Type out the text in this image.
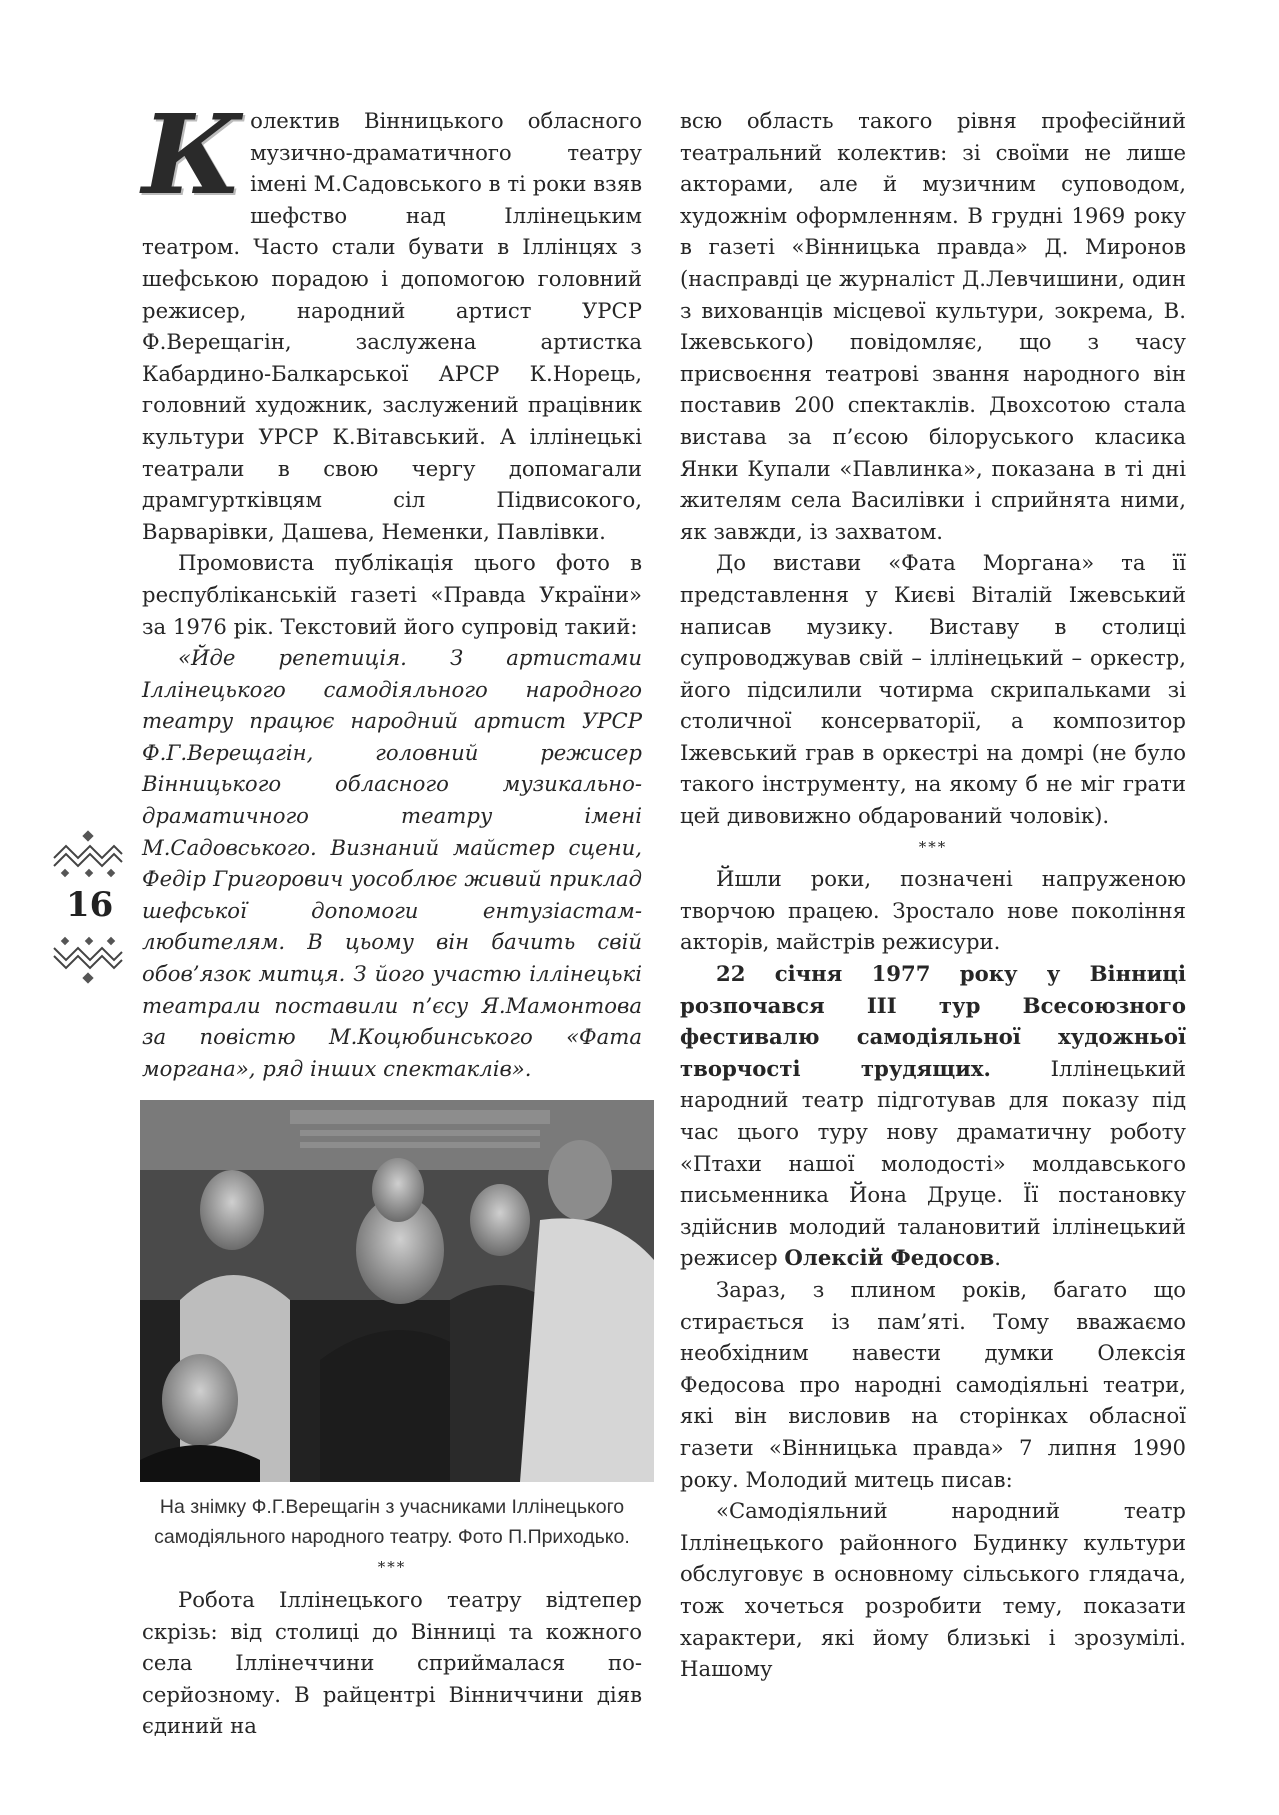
16

Колектив Вінницького обласного музично-драматичного театру імені М.Садовського в ті роки взяв шефство над Іллінецьким театром. Часто стали бувати в Іллінцях з шефською порадою і допомогою головний режисер, народний артист УРСР Ф.Верещагін, заслужена артистка Кабардино-Балкарської АРСР К.Норець, головний художник, заслужений працівник культури УРСР К.Вітавський. А іллінецькі театрали в свою чергу допомагали драмгуртківцям сіл Підвисокого, Варварівки, Дашева, Неменки, Павлівки.

Промовиста публікація цього фото в республіканській газеті «Правда України» за 1976 рік. Текстовий його супровід такий:

«Йде репетиція. З артистами Іллінецького самодіяльного народного театру працює народний артист УРСР Ф.Г.Верещагін, головний режисер Вінницького обласного музикально-драматичного театру імені М.Садовського. Визнаний майстер сцени, Федір Григорович уособлює живий приклад шефської допомоги ентузіастам-любителям. В цьому він бачить свій обов’язок митця. З його участю іллінецькі театрали поставили п’єсу Я.Мамонтова за повістю М.Коцюбинського «Фата моргана», ряд інших спектаклів».

На знімку Ф.Г.Верещагін з учасниками Іллінецького самодіяльного народного театру. Фото П.Приходько.

***

Робота Іллінецького театру відтепер скрізь: від столиці до Вінниці та кожного села Іллінеччини сприймалася по-серйозному. В райцентрі Вінниччини діяв єдиний на

всю область такого рівня професійний театральний колектив: зі своїми не лише акторами, але й музичним суповодом, художнім оформленням. В грудні 1969 року в газеті «Вінницька правда» Д. Миронов (насправді це журналіст Д.Левчишини, один з вихованців місцевої культури, зокрема, В. Іжевського) повідомляє, що з часу присвоєння театрові звання народного він поставив 200 спектаклів. Двохсотою стала вистава за п’єсою білоруського класика Янки Купали «Павлинка», показана в ті дні жителям села Василівки і сприйнята ними, як завжди, із захватом.

До вистави «Фата Моргана» та її представлення у Києві Віталій Іжевський написав музику. Виставу в столиці супроводжував свій – іллінецький – оркестр, його підсилили чотирма скрипальками зі столичної консерваторії, а композитор Іжевський грав в оркестрі на домрі (не було такого інструменту, на якому б не міг грати цей дивовижно обдарований чоловік).

***

Йшли роки, позначені напруженою творчою працею. Зростало нове покоління акторів, майстрів режисури.

22 січня 1977 року у Вінниці розпочався ІІІ тур Всесоюзного фестивалю самодіяльної художньої творчості трудящих. Іллінецький народний театр підготував для показу під час цього туру нову драматичну роботу «Птахи нашої молодості» молдавського письменника Йона Друце. Її постановку здійснив молодий талановитий іллінецький режисер Олексій Федосов.

Зараз, з плином років, багато що стирається із пам’яті. Тому вважаємо необхідним навести думки Олексія Федосова про народні самодіяльні театри, які він висловив на сторінках обласної газети «Вінницька правда» 7 липня 1990 року. Молодий митець писав:

«Самодіяльний народний театр Іллінецького районного Будинку культури обслуговує в основному сільського глядача, тож хочеться розробити тему, показати характери, які йому близькі і зрозумілі. Нашому
